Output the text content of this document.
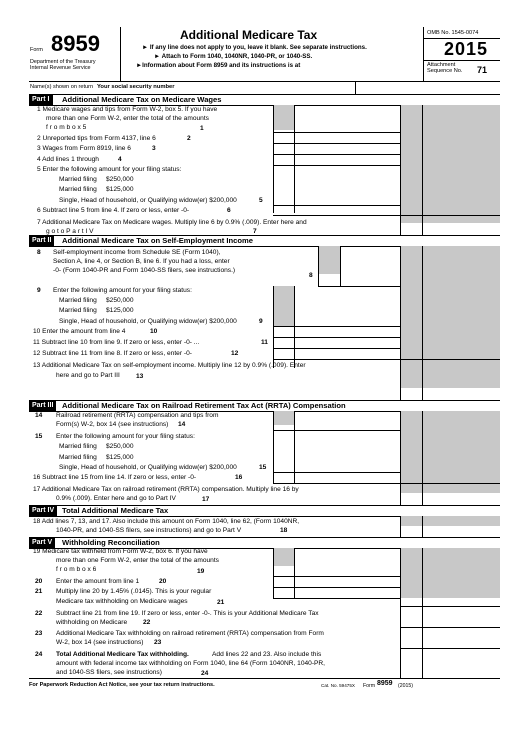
Form 8959
Department of the Treasury
Internal Revenue Service
Additional Medicare Tax
► If any line does not apply to you, leave it blank. See separate instructions.
► Attach to Form 1040, 1040NR, 1040-PR, or 1040-SS.
►Information about Form 8959 and its instructions is at
OMB No. 1545-0074
2015
Attachment
Sequence No. 71
Name(s) shown on return Your social security number
Part I	Additional Medicare Tax on Medicare Wages
1 Medicare wages and tips from Form W-2, box 5. If you have
more than one Form W-2, enter the total of the amounts
f r o m b o x 5	1
2 Unreported tips from Form 4137, line 6	2
3 Wages from Form 8919, line 6	3
4 Add lines 1 through	4
5 Enter the following amount for your filing status:
Married filing $250,000
Married filing $125,000
Single, Head of household, or Qualifying widow(er) $200,000	5
6 Subtract line 5 from line 4. If zero or less, enter -0-	6
7 Additional Medicare Tax on Medicare wages. Multiply line 6 by 0.9% (.009). Enter here and
g o t o P a r t I V	7
Part II	Additional Medicare Tax on Self-Employment Income
8 Self-employment income from Schedule SE (Form 1040),
Section A, line 4, or Section B, line 6. If you had a loss, enter
-0- (Form 1040-PR and Form 1040-SS filers, see instructions.)
8
9 Enter the following amount for your filing status:
Married filing $250,000
Married filing $125,000
Single, Head of household, or Qualifying widow(er) $200,000	9
10 Enter the amount from line 4	10
11 Subtract line 10 from line 9. If zero or less, enter -0- ...	11
12 Subtract line 11 from line 8. If zero or less, enter -0-	12
13 Additional Medicare Tax on self-employment income. Multiply line 12 by 0.9% (.009). Enter
here and go to Part III 13
Part III	Additional Medicare Tax on Railroad Retirement Tax Act (RRTA) Compensation
14 Railroad retirement (RRTA) compensation and tips from
Form(s) W-2, box 14 (see instructions) 14
15 Enter the following amount for your filing status:
Married filing $250,000
Married filing $125,000
Single, Head of household, or Qualifying widow(er) $200,000	15
16 Subtract line 15 from line 14. If zero or less, enter -0-	16
17 Additional Medicare Tax on railroad retirement (RRTA) compensation. Multiply line 16 by
0.9% (.009). Enter here and go to Part IV	17
Part IV	Total Additional Medicare Tax
18 Add lines 7, 13, and 17. Also include this amount on Form 1040, line 62, (Form 1040NR,
1040-PR, and 1040-SS filers, see instructions) and go to Part V	18
Part V	Withholding Reconciliation
19 Medicare tax withheld from Form W-2, box 6. If you have
more than one Form W-2, enter the total of the amounts
f r o m b o x 6	19
20 Enter the amount from line 1	20
21 Multiply line 20 by 1.45% (.0145). This is your regular
Medicare tax withholding on Medicare wages	21
22 Subtract line 21 from line 19. If zero or less, enter -0-. This is your Additional Medicare Tax
withholding on Medicare 22
23 Additional Medicare Tax withholding on railroad retirement (RRTA) compensation from Form
W-2, box 14 (see instructions) 23
24 Total Additional Medicare Tax withholding.	Add lines 22 and 23. Also include this
amount with federal income tax withholding on Form 1040, line 64 (Form 1040NR, 1040-PR,
and 1040-SS filers, see instructions)	24
For Paperwork Reduction Act Notice, see your tax return instructions.	Cat. No. 59475X Form 8959 (2015)
